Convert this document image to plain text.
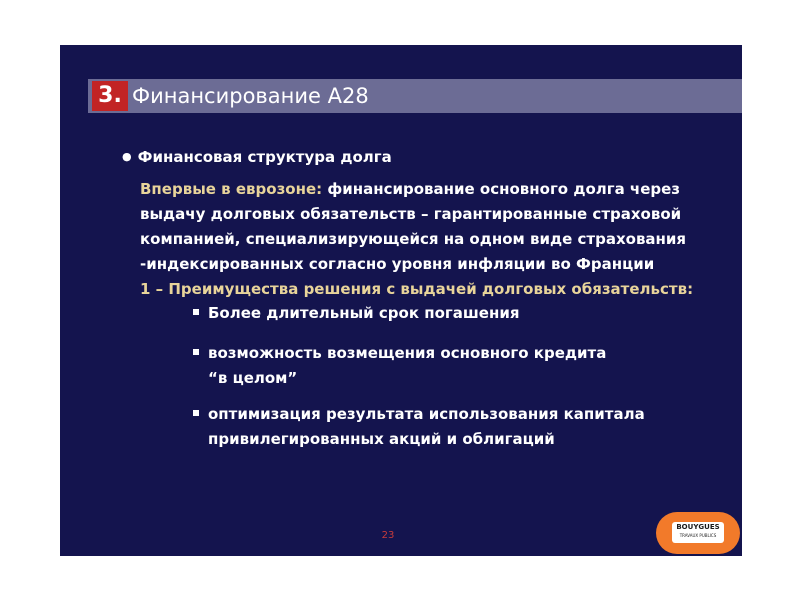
3. Финансирование A28
● Финансовая структура долга
Впервые в еврозоне: финансирование основного долга через
выдачу долговых обязательств – гарантированные страховой
компанией, специализирующейся на одном виде страхования
-индексированных согласно уровня инфляции во Франции
1 – Преимущества решения с выдачей долговых обязательств:
Более длительный срок погашения
возможность возмещения основного кредита
“в целом”
оптимизация результата использования капитала
привилегированных акций и облигаций
23
BOUYGUES
TRAVAUX PUBLICS
